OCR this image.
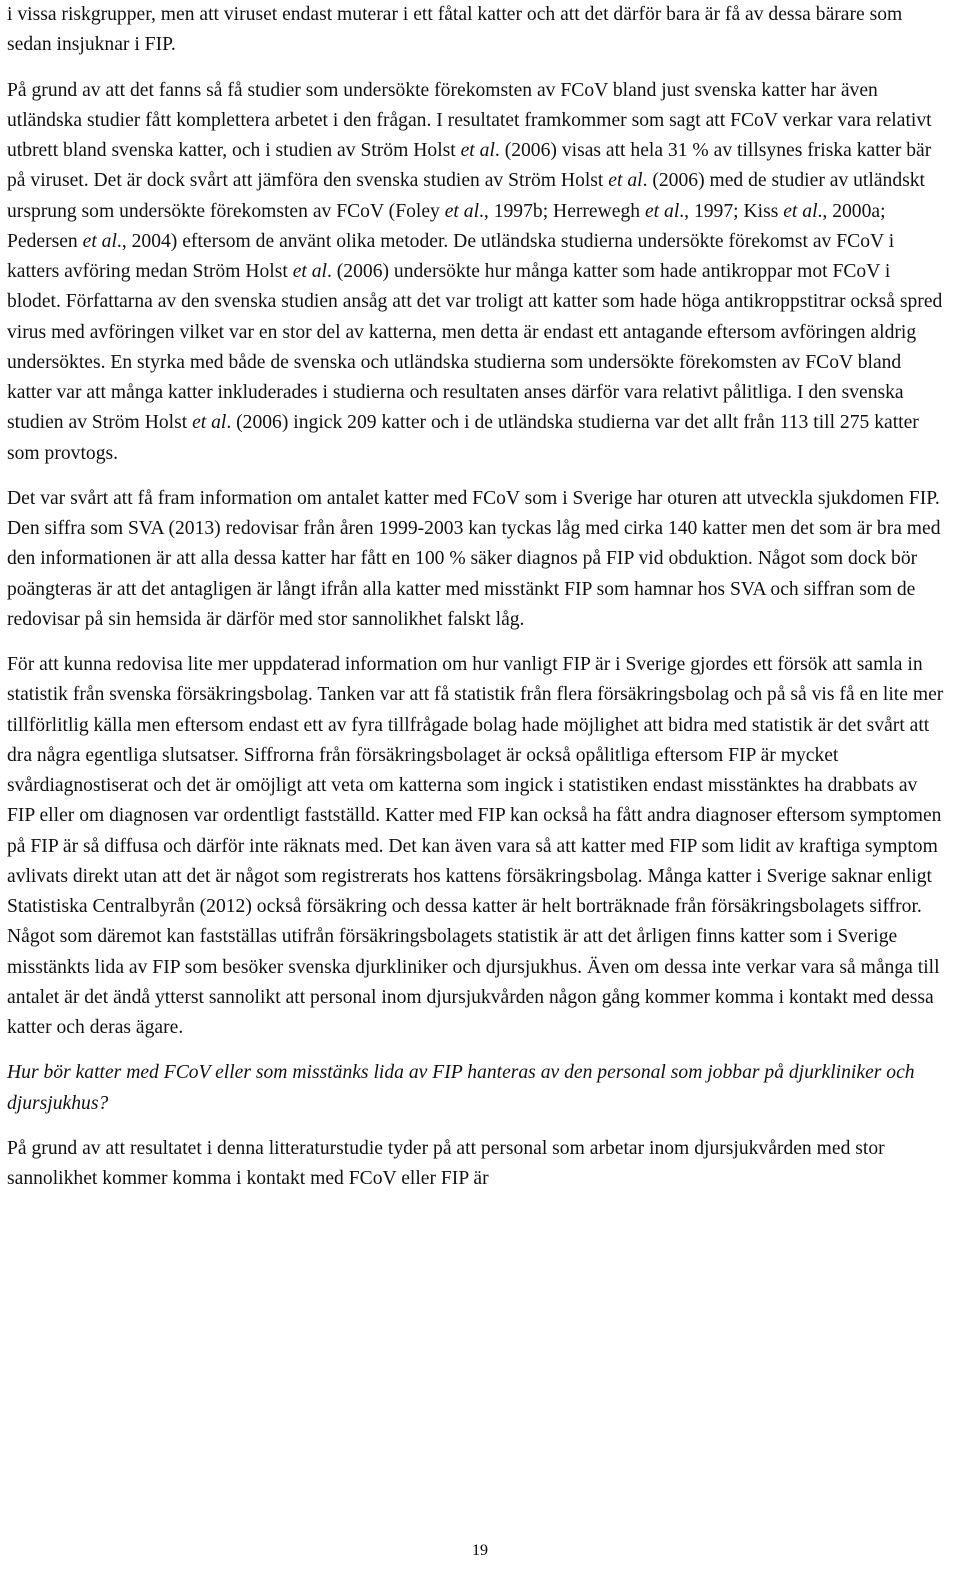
i vissa riskgrupper, men att viruset endast muterar i ett fåtal katter och att det därför bara är få av dessa bärare som sedan insjuknar i FIP.

På grund av att det fanns så få studier som undersökte förekomsten av FCoV bland just svenska katter har även utländska studier fått komplettera arbetet i den frågan. I resultatet framkommer som sagt att FCoV verkar vara relativt utbrett bland svenska katter, och i studien av Ström Holst et al. (2006) visas att hela 31 % av tillsynes friska katter bär på viruset. Det är dock svårt att jämföra den svenska studien av Ström Holst et al. (2006) med de studier av utländskt ursprung som undersökte förekomsten av FCoV (Foley et al., 1997b; Herrewegh et al., 1997; Kiss et al., 2000a; Pedersen et al., 2004) eftersom de använt olika metoder. De utländska studierna undersökte förekomst av FCoV i katters avföring medan Ström Holst et al. (2006) undersökte hur många katter som hade antikroppar mot FCoV i blodet. Författarna av den svenska studien ansåg att det var troligt att katter som hade höga antikroppstitrar också spred virus med avföringen vilket var en stor del av katterna, men detta är endast ett antagande eftersom avföringen aldrig undersöktes. En styrka med både de svenska och utländska studierna som undersökte förekomsten av FCoV bland katter var att många katter inkluderades i studierna och resultaten anses därför vara relativt pålitliga. I den svenska studien av Ström Holst et al. (2006) ingick 209 katter och i de utländska studierna var det allt från 113 till 275 katter som provtogs.

Det var svårt att få fram information om antalet katter med FCoV som i Sverige har oturen att utveckla sjukdomen FIP. Den siffra som SVA (2013) redovisar från åren 1999-2003 kan tyckas låg med cirka 140 katter men det som är bra med den informationen är att alla dessa katter har fått en 100 % säker diagnos på FIP vid obduktion. Något som dock bör poängteras är att det antagligen är långt ifrån alla katter med misstänkt FIP som hamnar hos SVA och siffran som de redovisar på sin hemsida är därför med stor sannolikhet falskt låg.

För att kunna redovisa lite mer uppdaterad information om hur vanligt FIP är i Sverige gjordes ett försök att samla in statistik från svenska försäkringsbolag. Tanken var att få statistik från flera försäkringsbolag och på så vis få en lite mer tillförlitlig källa men eftersom endast ett av fyra tillfrågade bolag hade möjlighet att bidra med statistik är det svårt att dra några egentliga slutsatser. Siffrorna från försäkringsbolaget är också opålitliga eftersom FIP är mycket svårdiagnostiserat och det är omöjligt att veta om katterna som ingick i statistiken endast misstänktes ha drabbats av FIP eller om diagnosen var ordentligt fastställd. Katter med FIP kan också ha fått andra diagnoser eftersom symptomen på FIP är så diffusa och därför inte räknats med. Det kan även vara så att katter med FIP som lidit av kraftiga symptom avlivats direkt utan att det är något som registrerats hos kattens försäkringsbolag. Många katter i Sverige saknar enligt Statistiska Centralbyrån (2012) också försäkring och dessa katter är helt borträknade från försäkringsbolagets siffror. Något som däremot kan fastställas utifrån försäkringsbolagets statistik är att det årligen finns katter som i Sverige misstänkts lida av FIP som besöker svenska djurkliniker och djursjukhus. Även om dessa inte verkar vara så många till antalet är det ändå ytterst sannolikt att personal inom djursjukvården någon gång kommer komma i kontakt med dessa katter och deras ägare.

Hur bör katter med FCoV eller som misstänks lida av FIP hanteras av den personal som jobbar på djurkliniker och djursjukhus?

På grund av att resultatet i denna litteraturstudie tyder på att personal som arbetar inom djursjukvården med stor sannolikhet kommer komma i kontakt med FCoV eller FIP är

19
